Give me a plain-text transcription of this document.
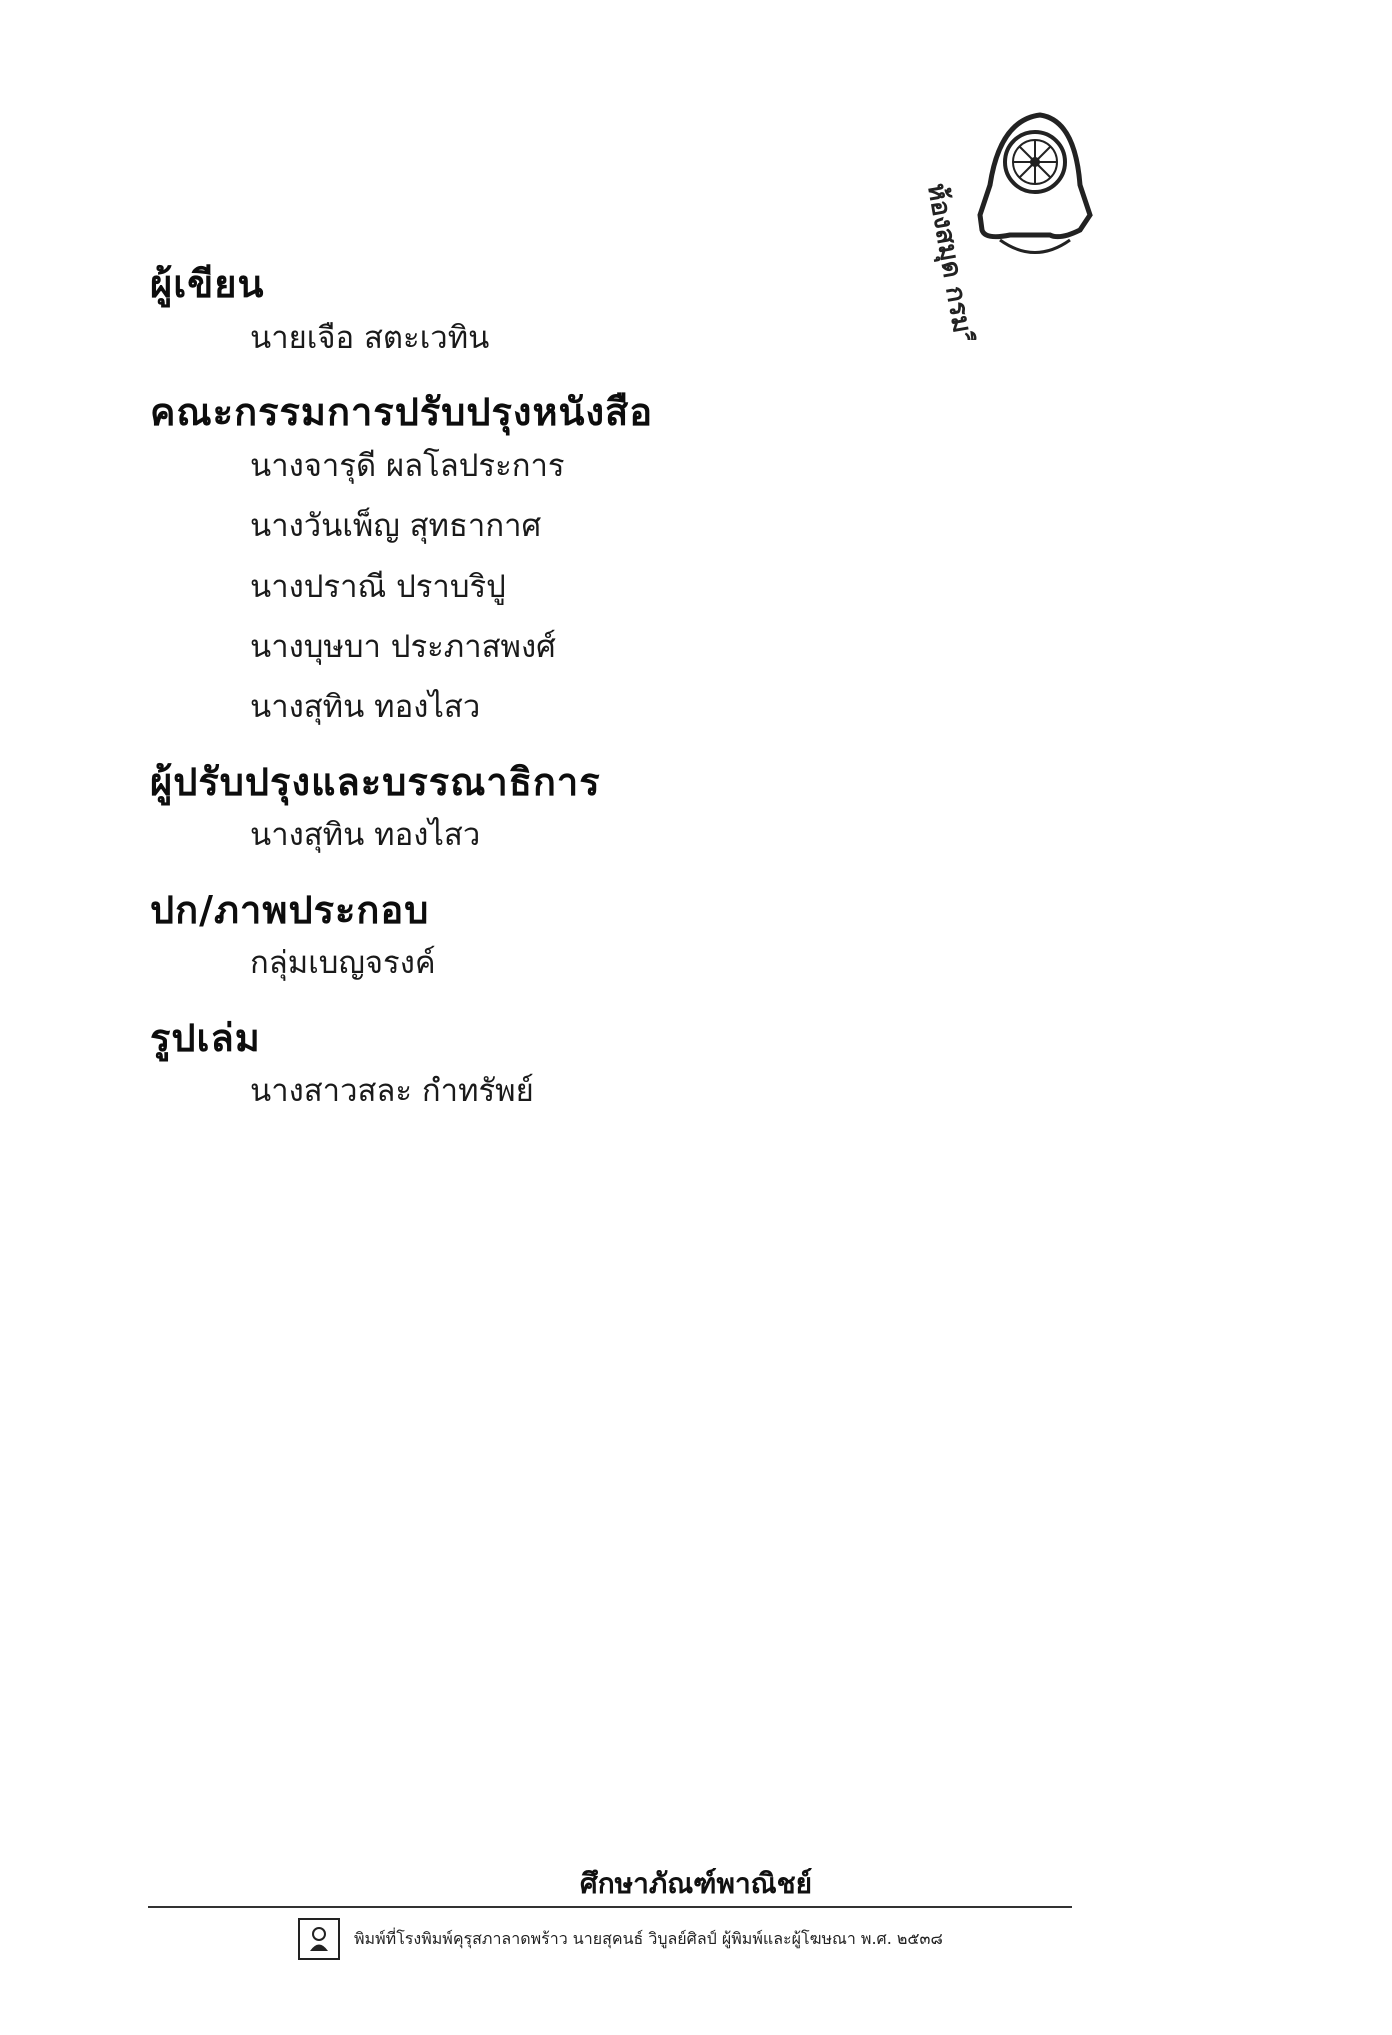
ห้องสมุด กรมวิชาการ
ผู้เขียน
นายเจือ สตะเวทิน
คณะกรรมการปรับปรุงหนังสือ
นางจารุดี ผลโลประการ
นางวันเพ็ญ สุทธากาศ
นางปราณี ปราบริปู
นางบุษบา ประภาสพงศ์
นางสุทิน ทองไสว
ผู้ปรับปรุงและบรรณาธิการ
นางสุทิน ทองไสว
ปก/ภาพประกอบ
กลุ่มเบญจรงค์
รูปเล่ม
นางสาวสละ กำทรัพย์
ศึกษาภัณฑ์พาณิชย์
พิมพ์ที่โรงพิมพ์คุรุสภาลาดพร้าว นายสุคนธ์ วิบูลย์ศิลป์ ผู้พิมพ์และผู้โฆษณา พ.ศ. ๒๕๓๘
